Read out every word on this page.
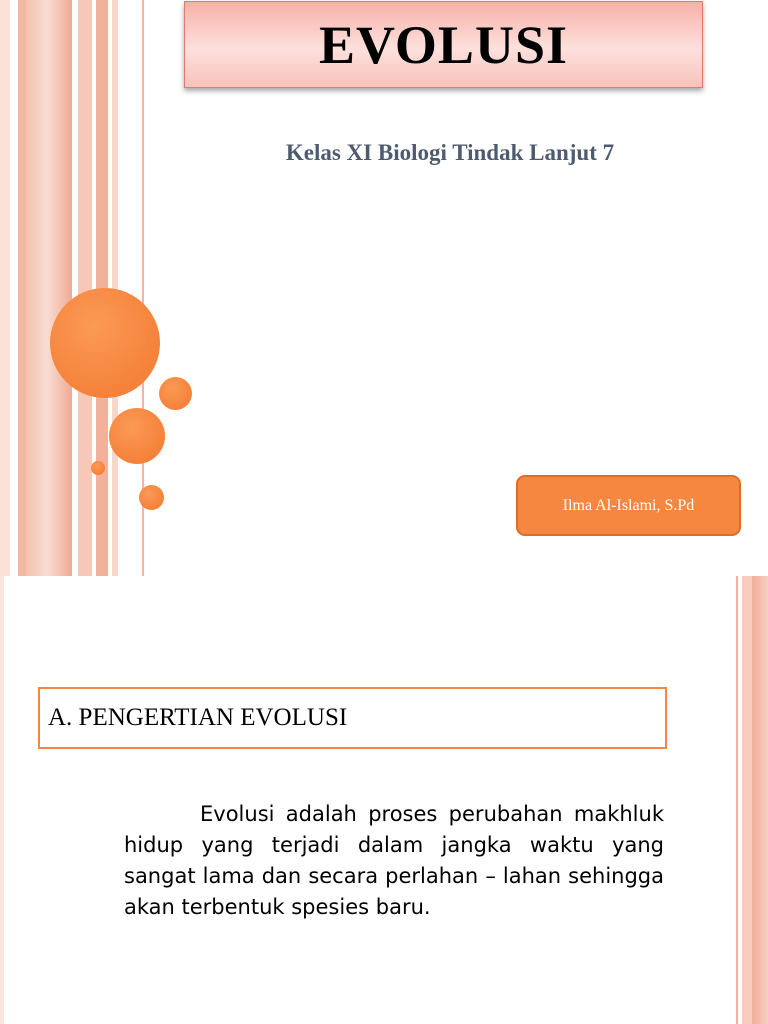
EVOLUSI
Kelas XI Biologi Tindak Lanjut 7
Ilma Al-Islami, S.Pd
A. PENGERTIAN EVOLUSI
Evolusi adalah proses perubahan makhluk hidup yang terjadi dalam jangka waktu yang sangat lama dan secara perlahan – lahan sehingga akan terbentuk spesies baru.
